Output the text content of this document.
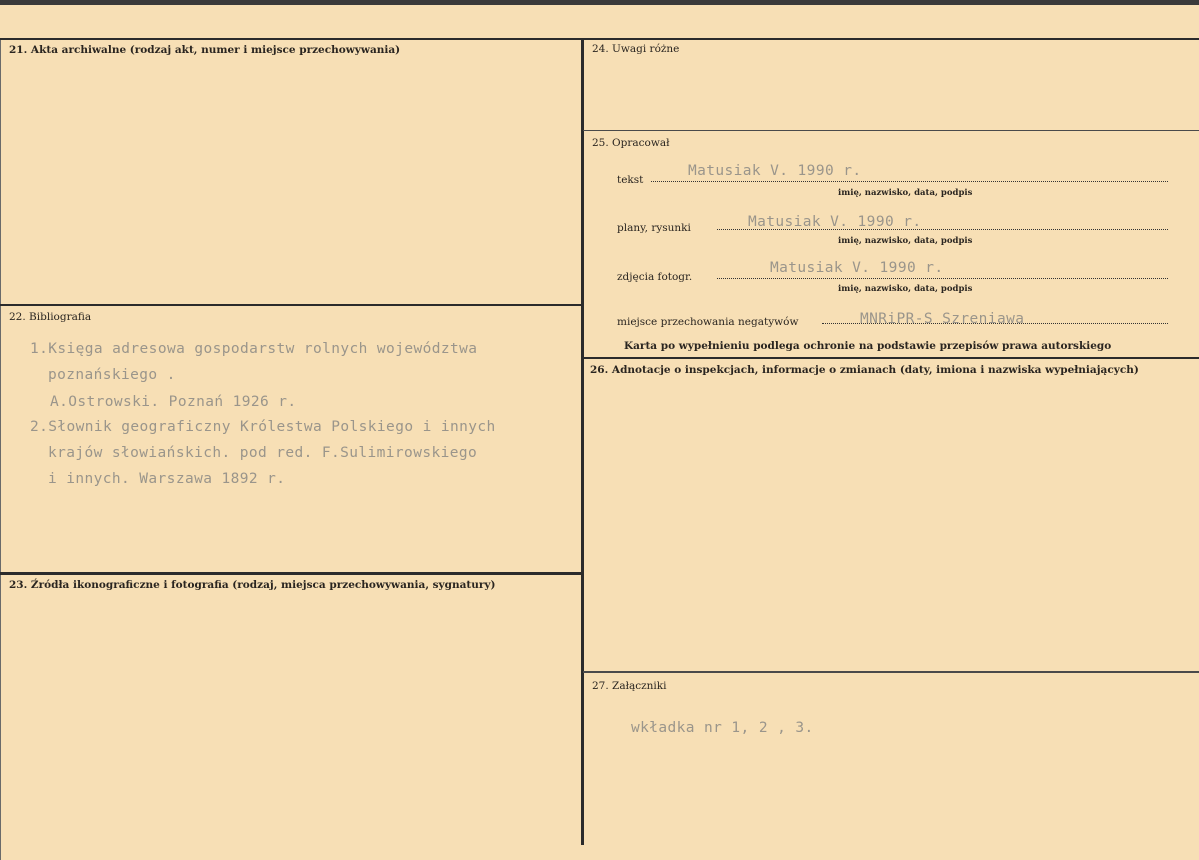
21. Akta archiwalne (rodzaj akt, numer i miejsce przechowywania)
22. Bibliografia
1.Księga adresowa gospodarstw rolnych województwa
poznańskiego .
A.Ostrowski. Poznań 1926 r.
2.Słownik geograficzny Królestwa Polskiego i innych
krajów słowiańskich. pod red. F.Sulimirowskiego
i innych. Warszawa 1892 r.
23. Źródła ikonograficzne i fotografia (rodzaj, miejsca przechowywania, sygnatury)
24. Uwagi różne
25. Opracował
tekst
Matusiak V. 1990 r.
imię, nazwisko, data, podpis
plany, rysunki	Matusiak V. 1990 r.
imię, nazwisko, data, podpis
zdjęcia fotogr.
Matusiak V. 1990 r.
imię, nazwisko, data, podpis
miejsce przechowania negatywów	MNRiPR-S Szreniawa
Karta po wypełnieniu podlega ochronie na podstawie przepisów prawa autorskiego
26. Adnotacje o inspekcjach, informacje o zmianach (daty, imiona i nazwiska wypełniających)
27. Załączniki
wkładka nr 1, 2 , 3.
